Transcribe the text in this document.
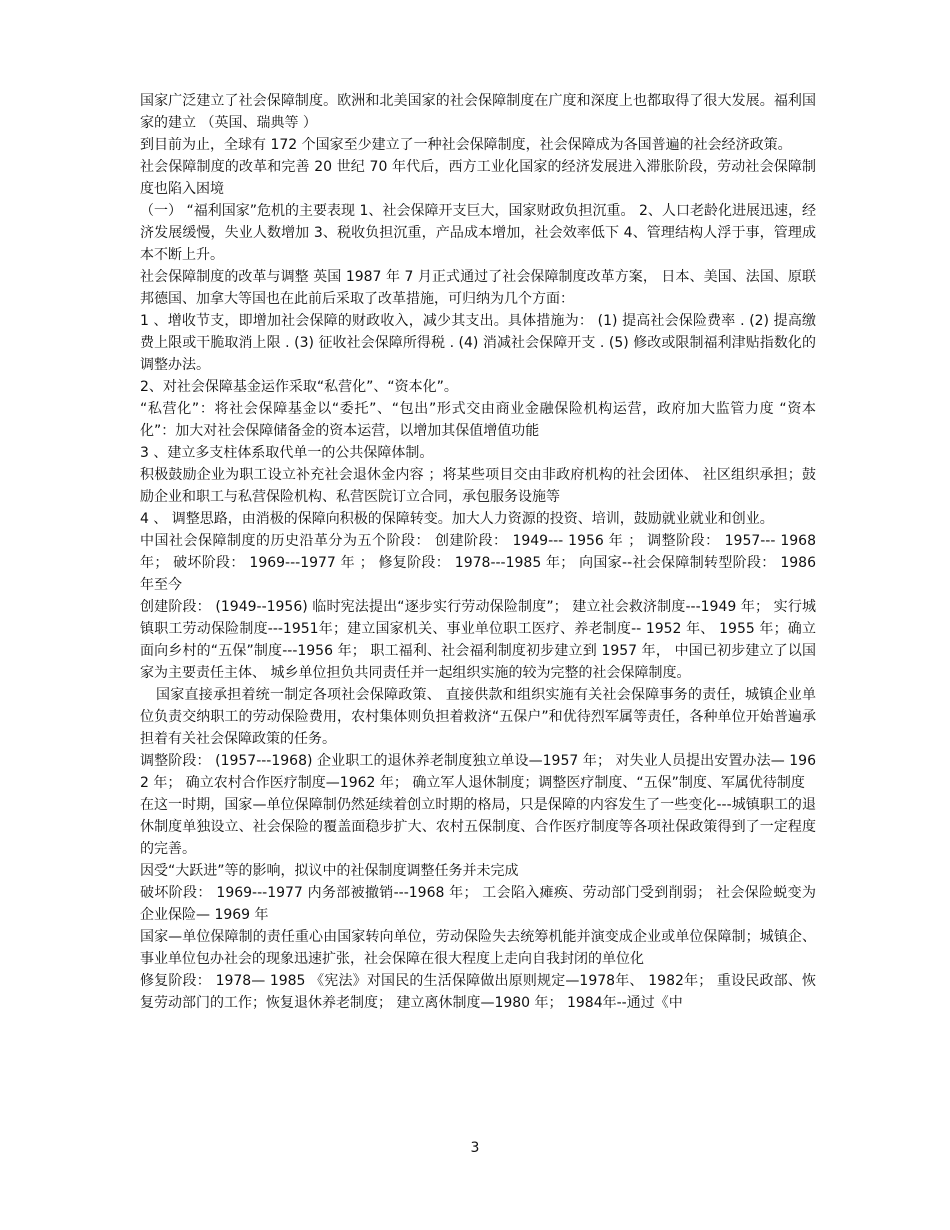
国家广泛建立了社会保障制度。欧洲和北美国家的社会保障制度在广度和深度上也都取得了很大发展。福利国家的建立 （英国、瑞典等 ）

到目前为止，全球有 172 个国家至少建立了一种社会保障制度，社会保障成为各国普遍的社会经济政策。

社会保障制度的改革和完善 20 世纪 70 年代后，西方工业化国家的经济发展进入滞胀阶段，劳动社会保障制度也陷入困境

（一） “福利国家”危机的主要表现 1、社会保障开支巨大，国家财政负担沉重。 2、人口老龄化进展迅速，经济发展缓慢，失业人数增加 3、税收负担沉重，产品成本增加，社会效率低下 4、管理结构人浮于事，管理成本不断上升。

社会保障制度的改革与调整 英国 1987 年 7 月正式通过了社会保障制度改革方案， 日本、美国、法国、原联邦德国、加拿大等国也在此前后采取了改革措施，可归纳为几个方面：

1 、增收节支，即增加社会保障的财政收入，减少其支出。具体措施为： (1) 提高社会保险费率 . (2) 提高缴费上限或干脆取消上限 . (3) 征收社会保障所得税 . (4) 消减社会保障开支 . (5) 修改或限制福利津贴指数化的调整办法。

2、对社会保障基金运作采取“私营化”、“资本化”。

“私营化”：将社会保障基金以“委托”、“包出”形式交由商业金融保险机构运营，政府加大监管力度 “资本化”：加大对社会保障储备金的资本运营，以增加其保值增值功能

3 、建立多支柱体系取代单一的公共保障体制。

积极鼓励企业为职工设立补充社会退休金内容 ；将某些项目交由非政府机构的社会团体、 社区组织承担；鼓励企业和职工与私营保险机构、私营医院订立合同，承包服务设施等

4 、 调整思路，由消极的保障向积极的保障转变。加大人力资源的投资、培训，鼓励就业就业和创业。

中国社会保障制度的历史沿革分为五个阶段： 创建阶段： 1949--- 1956 年 ； 调整阶段： 1957--- 1968 年； 破坏阶段： 1969---1977 年 ； 修复阶段： 1978---1985 年； 向国家--社会保障制转型阶段： 1986年至今

创建阶段： (1949--1956) 临时宪法提出“逐步实行劳动保险制度”； 建立社会救济制度---1949 年； 实行城镇职工劳动保险制度---1951年；建立国家机关、事业单位职工医疗、养老制度-- 1952 年、 1955 年；确立面向乡村的“五保”制度---1956 年； 职工福利、社会福利制度初步建立到 1957 年， 中国已初步建立了以国家为主要责任主体、 城乡单位担负共同责任并一起组织实施的较为完整的社会保障制度。

国家直接承担着统一制定各项社会保障政策、 直接供款和组织实施有关社会保障事务的责任，城镇企业单位负责交纳职工的劳动保险费用，农村集体则负担着救济“五保户”和优待烈军属等责任，各种单位开始普遍承担着有关社会保障政策的任务。

调整阶段： (1957---1968) 企业职工的退休养老制度独立单设—1957 年； 对失业人员提出安置办法— 1962 年； 确立农村合作医疗制度—1962 年； 确立军人退休制度；调整医疗制度、“五保”制度、军属优待制度

在这一时期，国家—单位保障制仍然延续着创立时期的格局，只是保障的内容发生了一些变化---城镇职工的退休制度单独设立、社会保险的覆盖面稳步扩大、农村五保制度、合作医疗制度等各项社保政策得到了一定程度的完善。

因受“大跃进”等的影响，拟议中的社保制度调整任务并未完成

破坏阶段： 1969---1977 内务部被撤销---1968 年； 工会陷入瘫痪、劳动部门受到削弱； 社会保险蜕变为企业保险— 1969 年

国家—单位保障制的责任重心由国家转向单位，劳动保险失去统筹机能并演变成企业或单位保障制；城镇企、事业单位包办社会的现象迅速扩张，社会保障在很大程度上走向自我封闭的单位化

修复阶段： 1978— 1985 《宪法》对国民的生活保障做出原则规定—1978年、 1982年； 重设民政部、恢复劳动部门的工作；恢复退休养老制度； 建立离休制度—1980 年； 1984年--通过《中

3
